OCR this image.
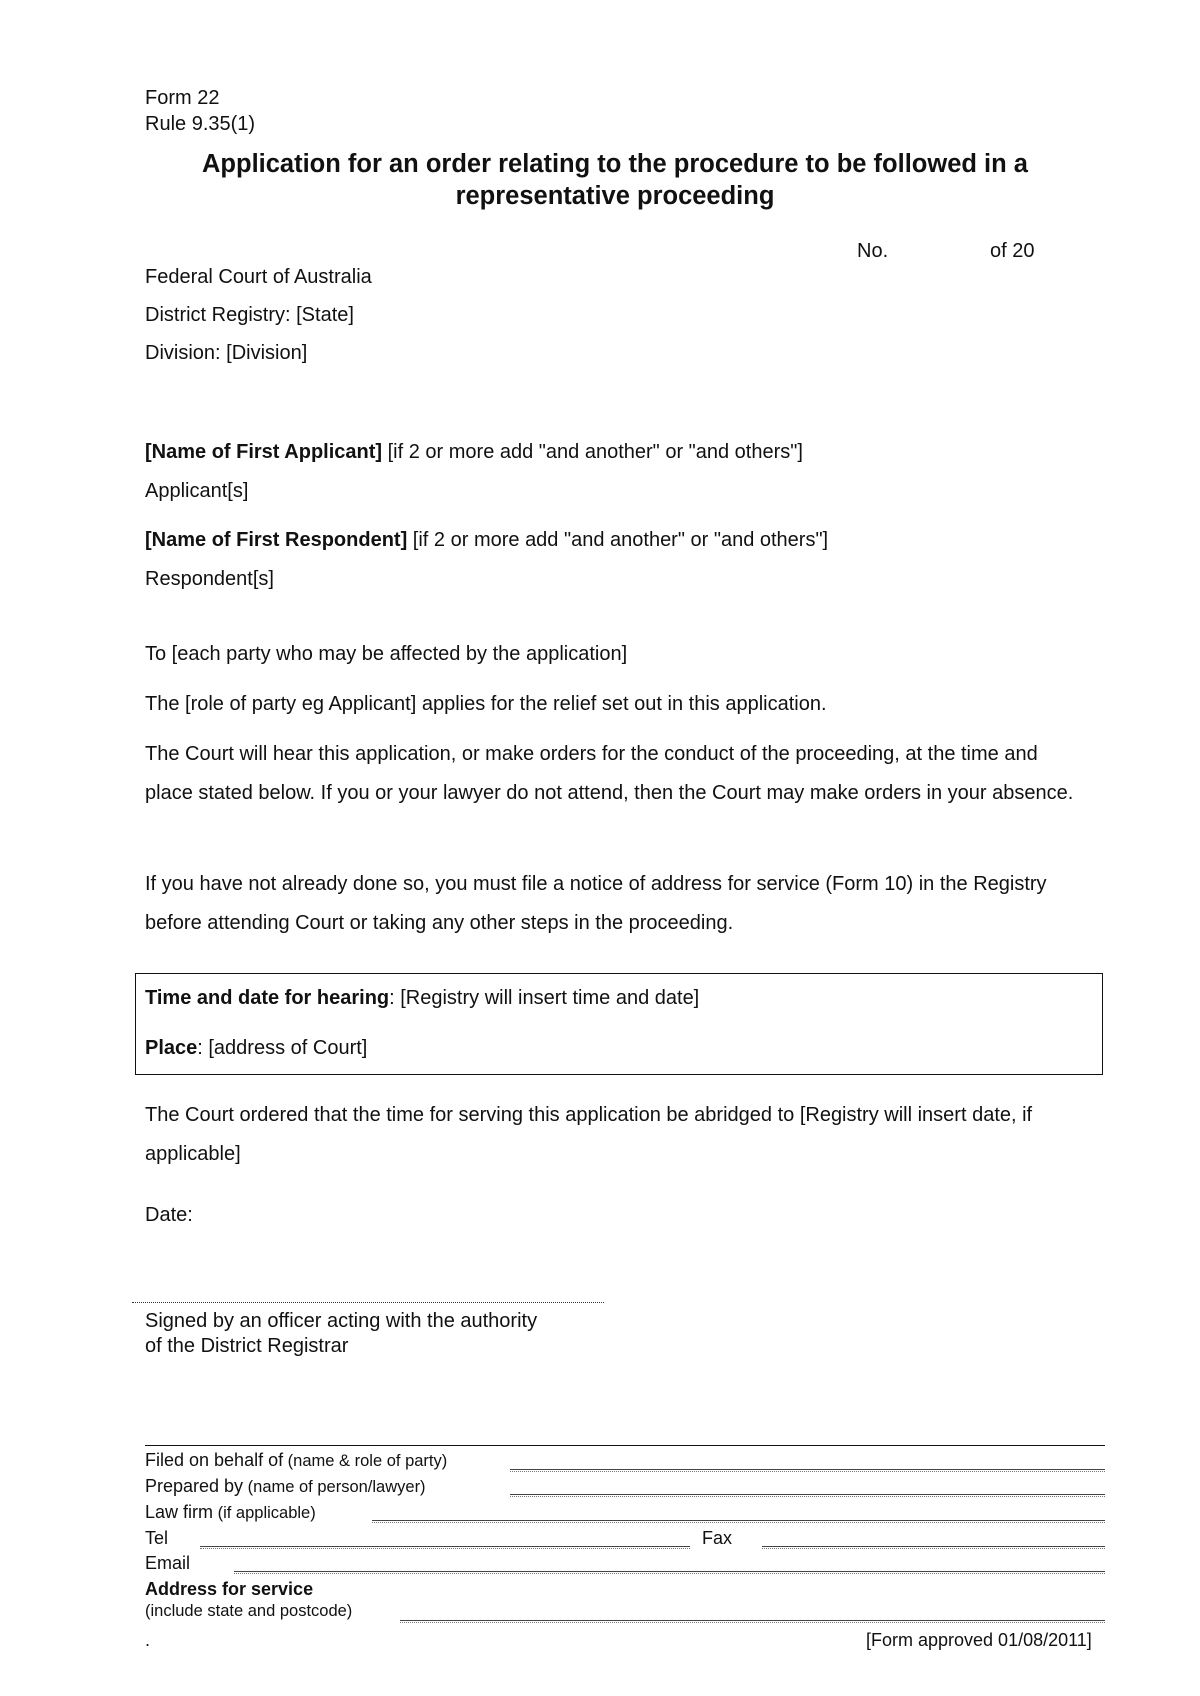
Form 22
Rule 9.35(1)
Application for an order relating to the procedure to be followed in a representative proceeding
No.	of 20
Federal Court of Australia
District Registry: [State]
Division: [Division]
[Name of First Applicant] [if 2 or more add "and another" or "and others"]
Applicant[s]
[Name of First Respondent] [if 2 or more add "and another" or "and others"]
Respondent[s]
To [each party who may be affected by the application]
The [role of party eg Applicant] applies for the relief set out in this application.
The Court will hear this application, or make orders for the conduct of the proceeding, at the time and place stated below. If you or your lawyer do not attend, then the Court may make orders in your absence.
If you have not already done so, you must file a notice of address for service (Form 10) in the Registry before attending Court or taking any other steps in the proceeding.
Time and date for hearing: [Registry will insert time and date]
Place: [address of Court]
The Court ordered that the time for serving this application be abridged to [Registry will insert date, if applicable]
Date:
Signed by an officer acting with the authority
of the District Registrar
Filed on behalf of (name & role of party)
Prepared by (name of person/lawyer)
Law firm (if applicable)
Tel	Fax
Email
Address for service
(include state and postcode)
.	[Form approved 01/08/2011]
